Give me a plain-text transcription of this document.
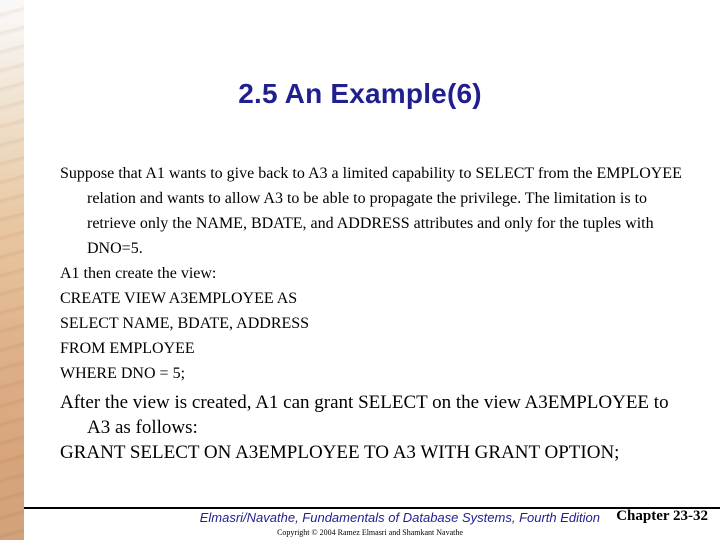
2.5 An Example(6)

Suppose that A1 wants to give back to A3 a limited capability to SELECT from the EMPLOYEE relation and wants to allow A3 to be able to propagate the privilege. The limitation is to retrieve only the NAME, BDATE, and ADDRESS attributes and only for the tuples with DNO=5.

A1 then create the view:

CREATE VIEW A3EMPLOYEE AS

SELECT NAME, BDATE, ADDRESS

FROM EMPLOYEE

WHERE DNO = 5;

After the view is created, A1 can grant SELECT on the view A3EMPLOYEE to A3 as follows:

GRANT SELECT ON A3EMPLOYEE TO A3 WITH GRANT OPTION;

Elmasri/Navathe, Fundamentals of Database Systems, Fourth Edition Chapter 23-32
Copyright © 2004 Ramez Elmasri and Shamkant Navathe
